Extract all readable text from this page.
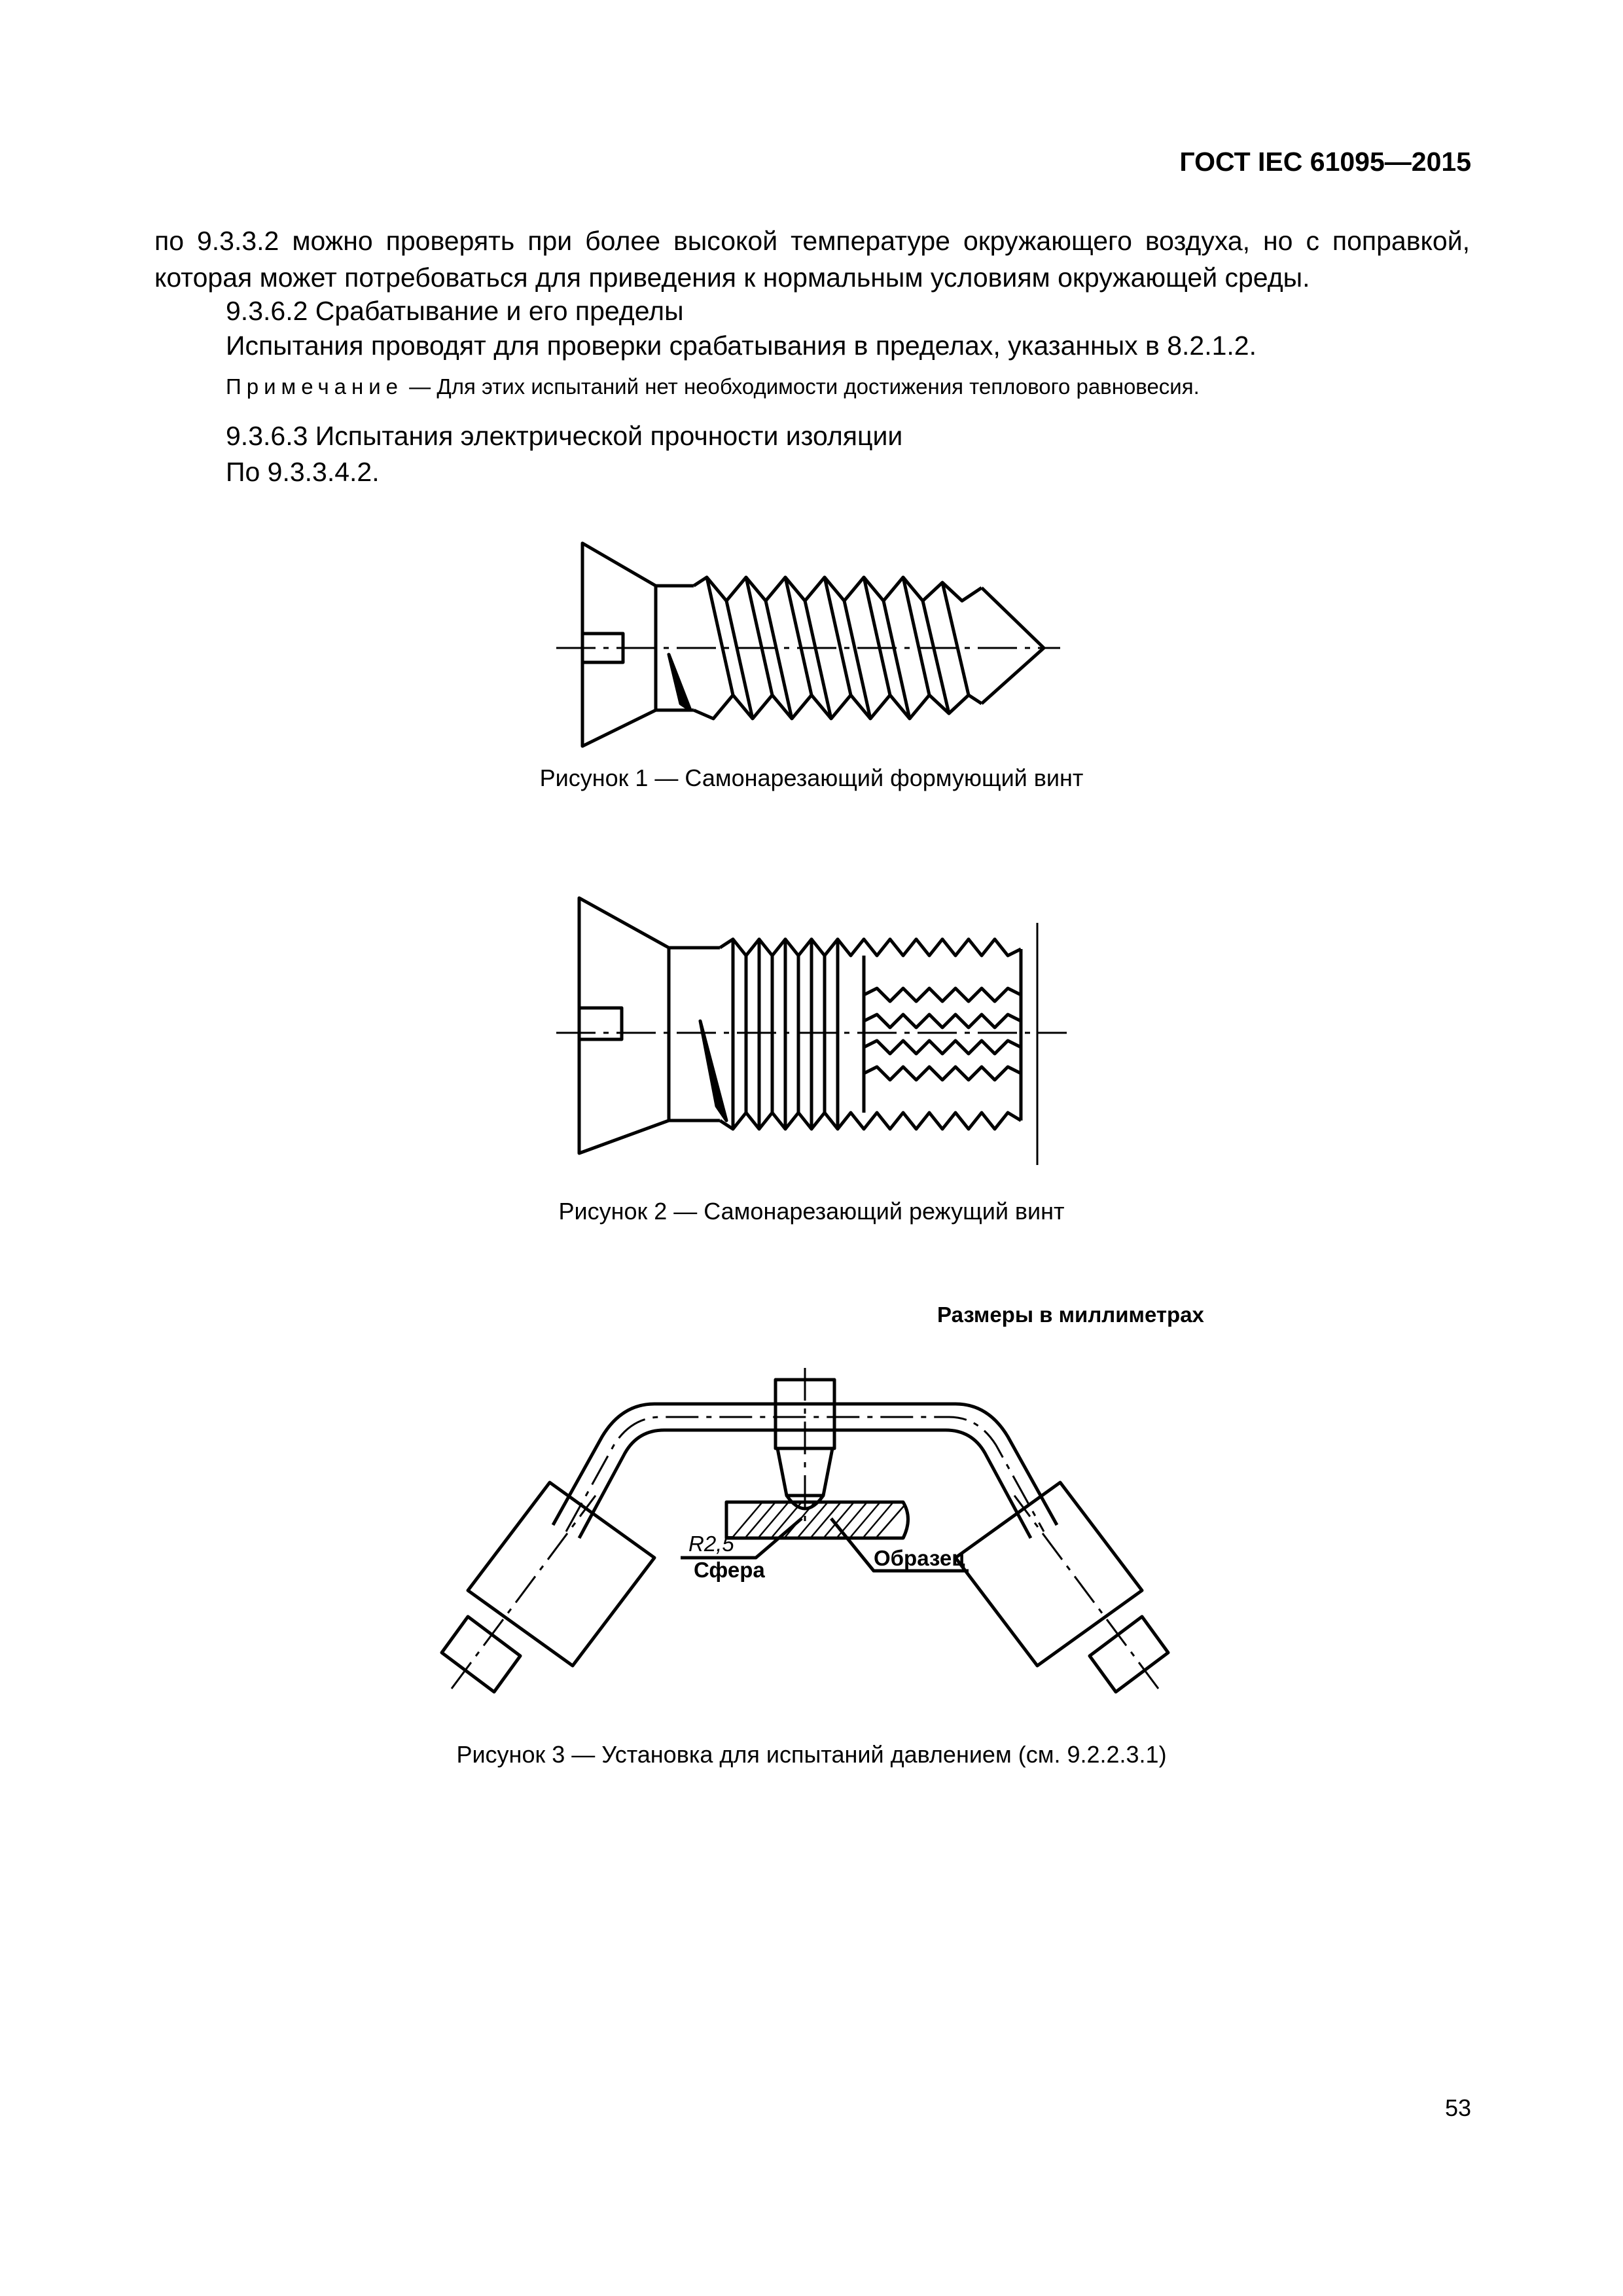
ГОСТ IEC 61095—2015
по 9.3.3.2 можно проверять при более высокой температуре окружающего воздуха, но с поправкой, которая может потребоваться для приведения к нормальным условиям окружающей среды.
9.3.6.2 Срабатывание и его пределы
Испытания проводят для проверки срабатывания в пределах, указанных в 8.2.1.2.
Примечание — Для этих испытаний нет необходимости достижения теплового равновесия.
9.3.6.3 Испытания электрической прочности изоляции
По 9.3.3.4.2.
Рисунок 1 — Самонарезающий формующий винт
Рисунок 2 — Самонарезающий режущий винт
Размеры в миллиметрах
R2,5
Сфера	Образец
Рисунок 3 — Установка для испытаний давлением (см. 9.2.2.3.1)
53
